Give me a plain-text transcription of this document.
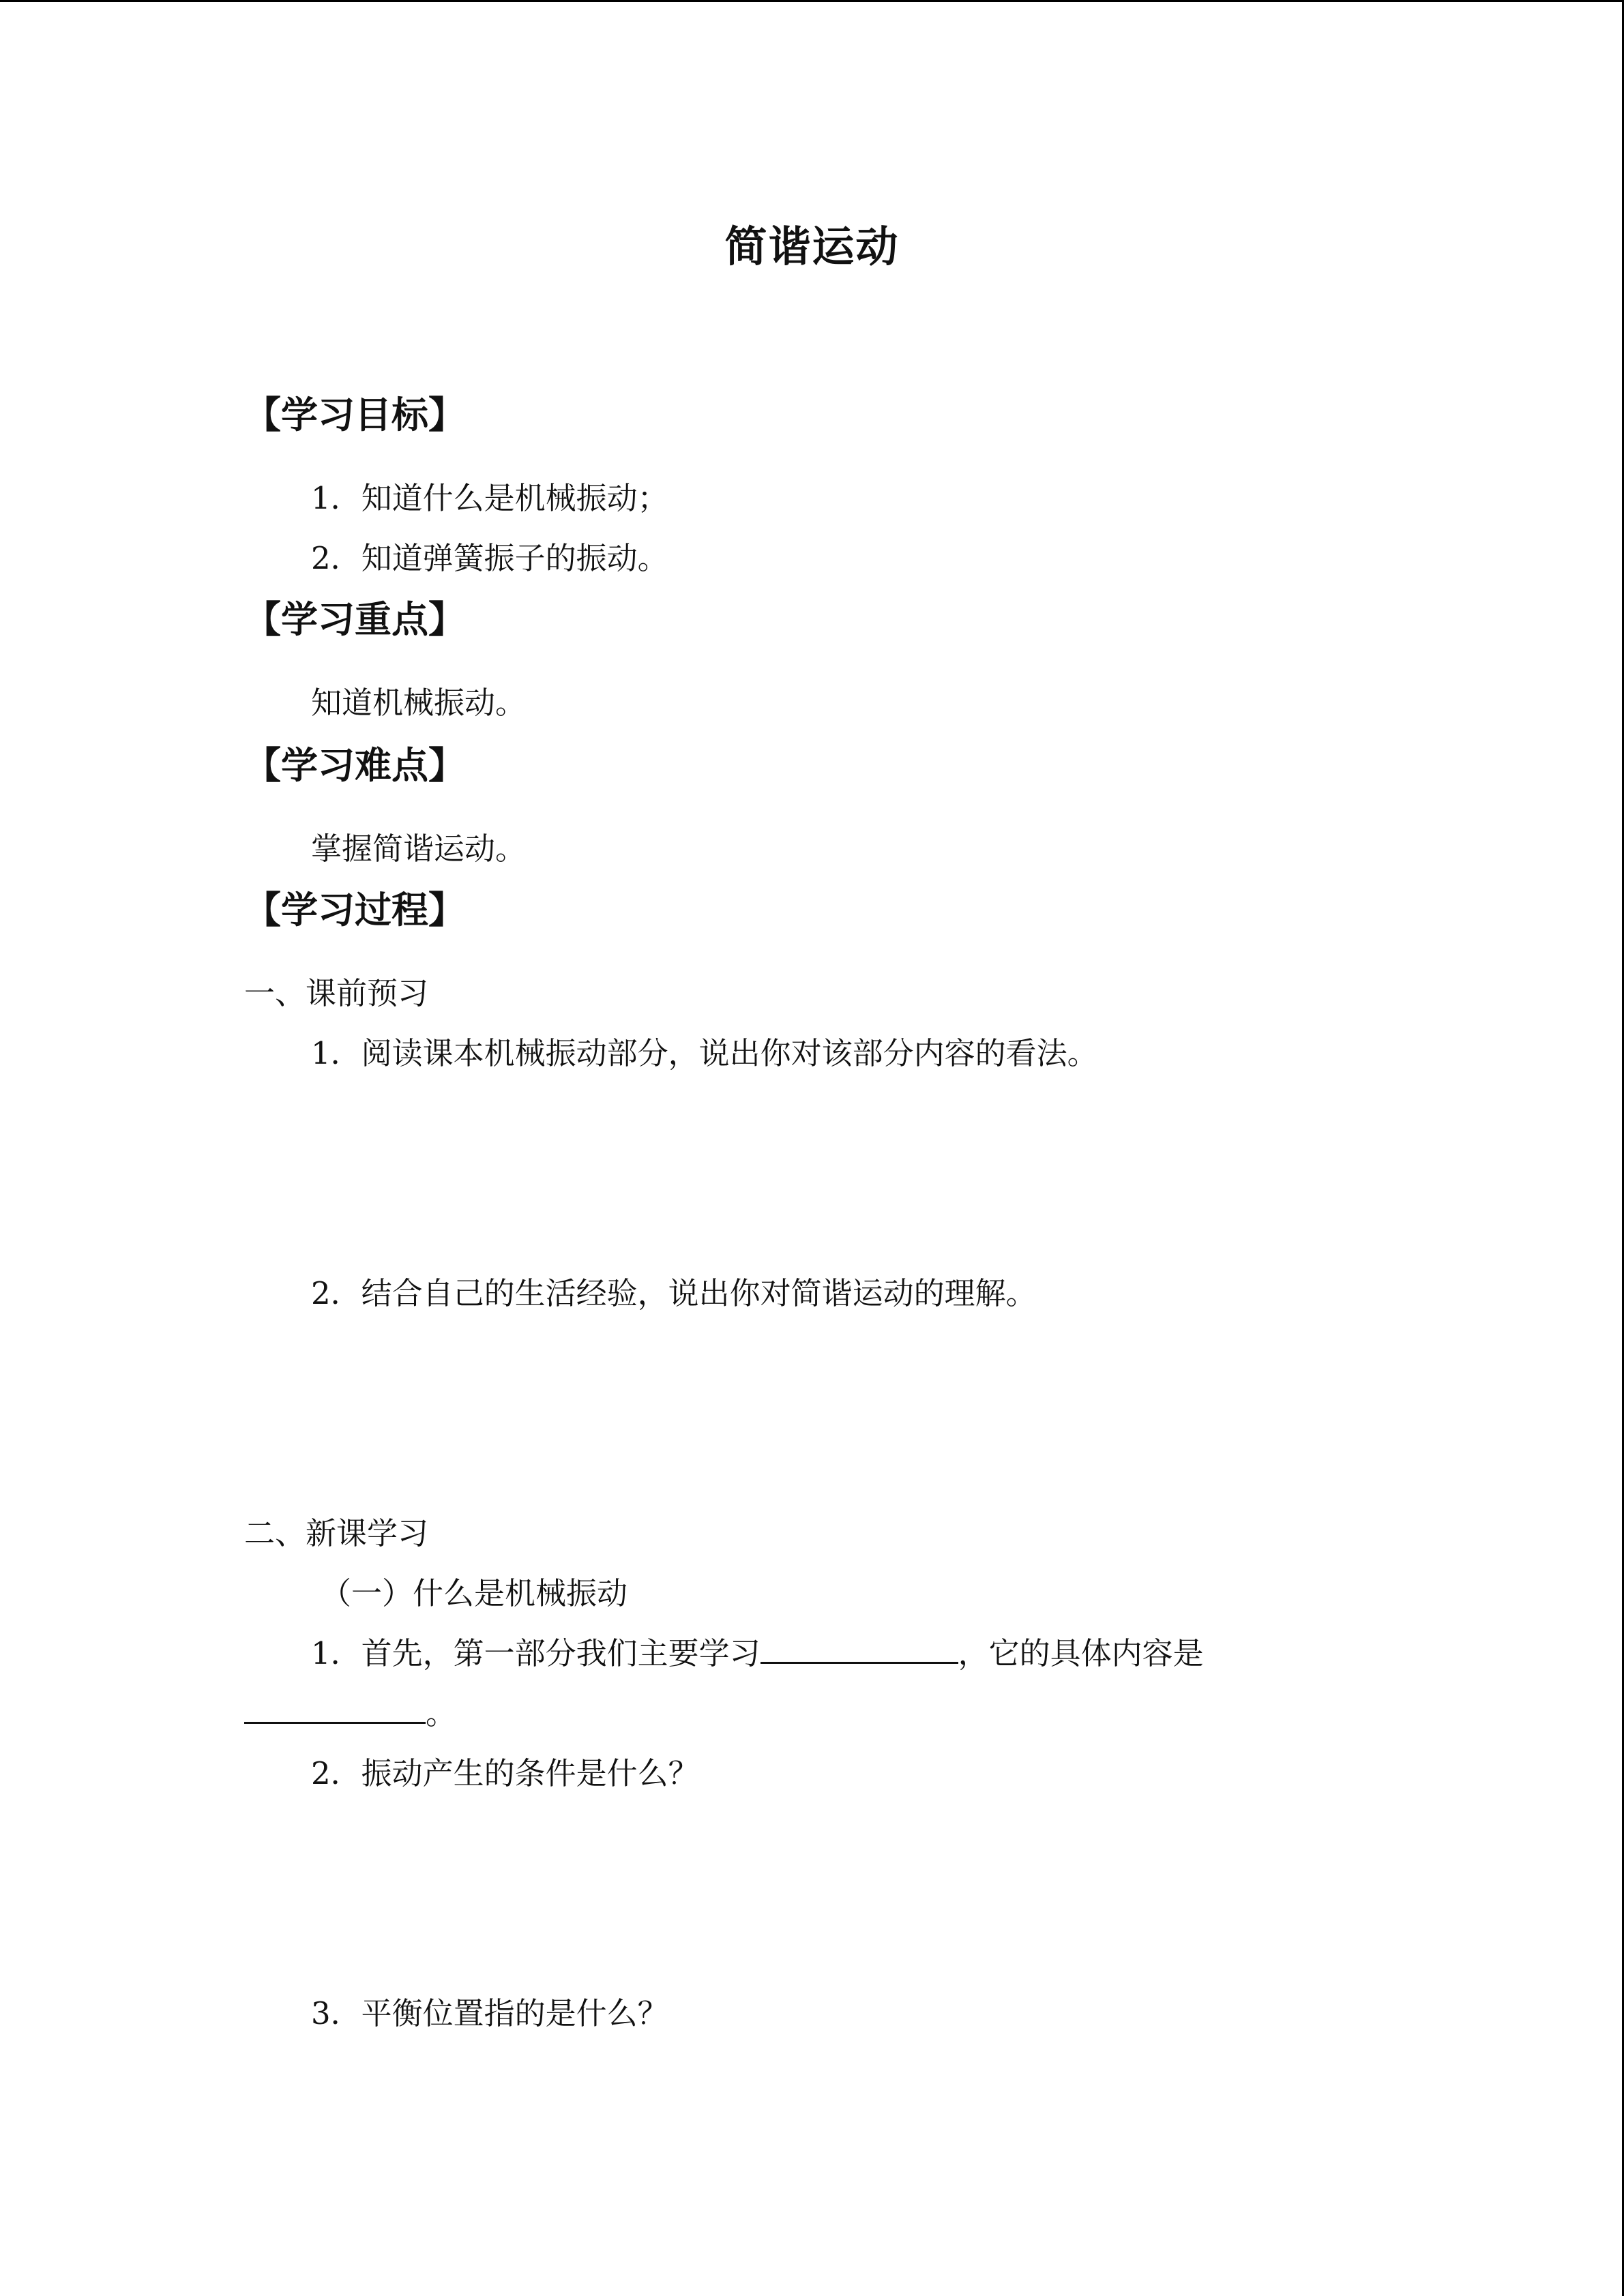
简谐运动
【学习目标】
1．知道什么是机械振动；
2．知道弹簧振子的振动。
【学习重点】
知道机械振动。
【学习难点】
掌握简谐运动。
【学习过程】
一、课前预习
1．阅读课本机械振动部分，说出你对该部分内容的看法。
2．结合自己的生活经验，说出你对简谐运动的理解。
二、新课学习
（一）什么是机械振动
1．首先，第一部分我们主要学习	，它的具体内容是
。
2．振动产生的条件是什么？
3．平衡位置指的是什么？
